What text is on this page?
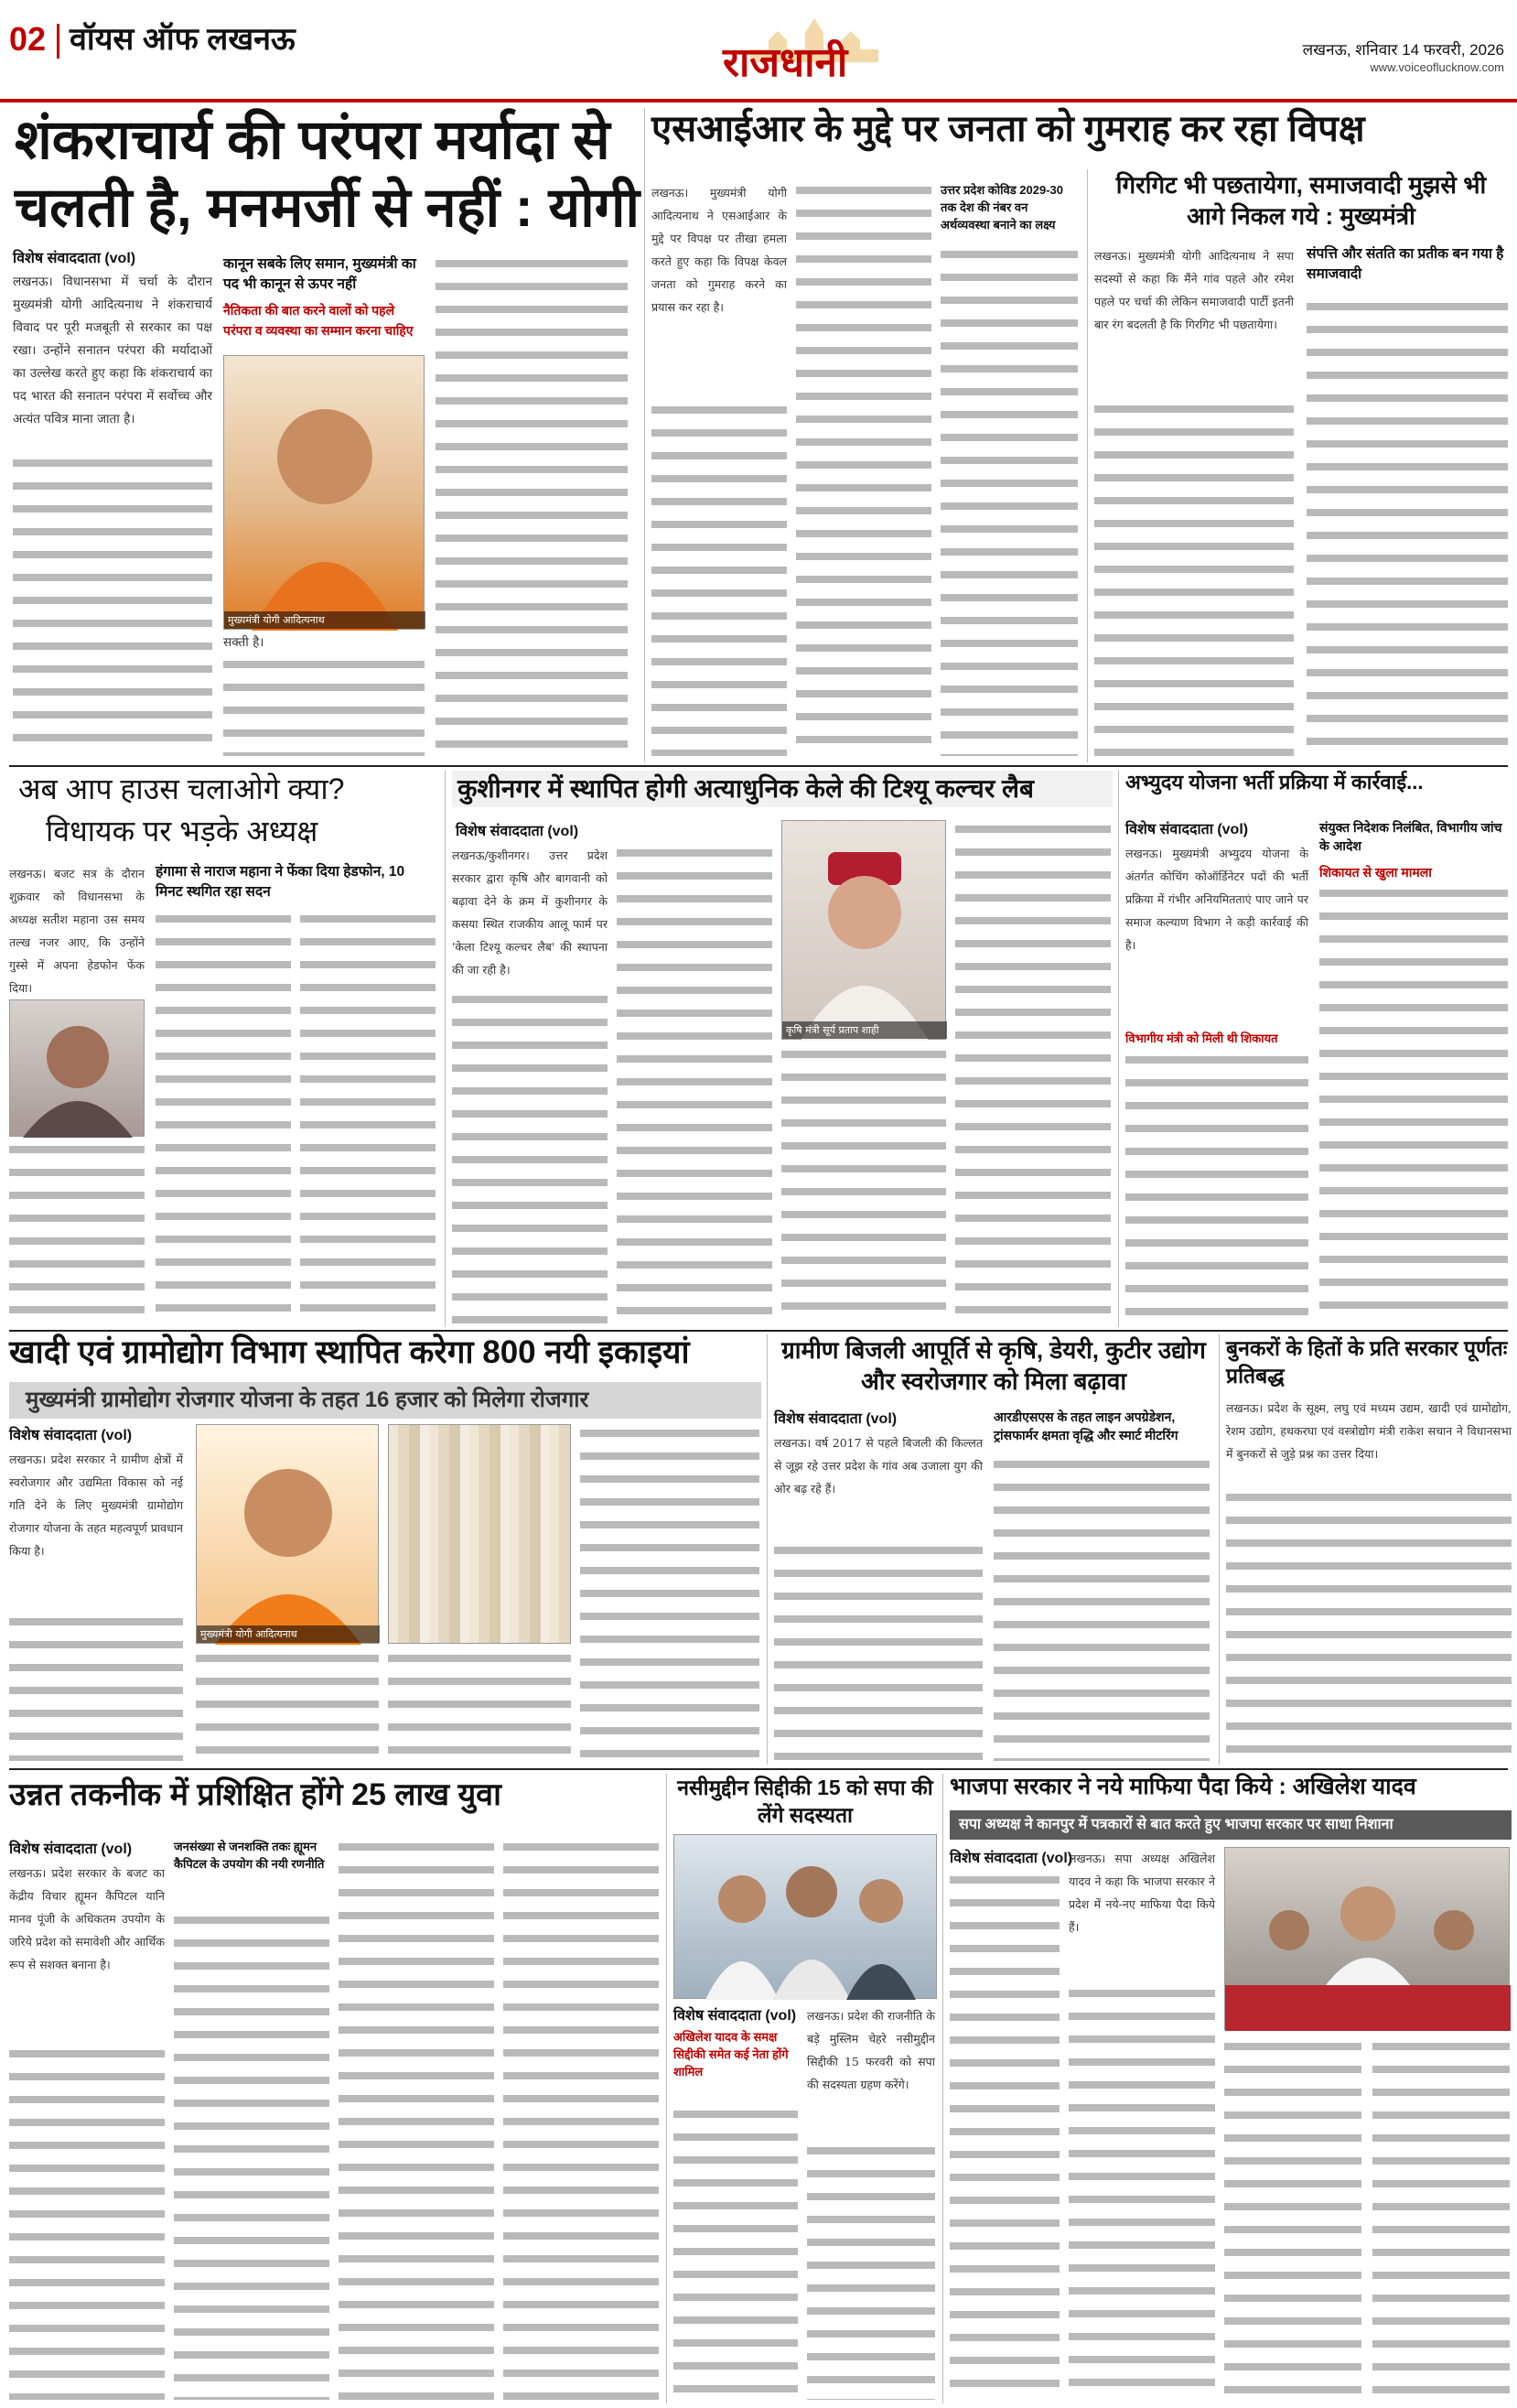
02 वॉयस ऑफ लखनऊ
राजधानी	लखनऊ, शनिवार 14 फरवरी, 2026
www.voiceoflucknow.com
शंकराचार्य की परंपरा मर्यादा से
चलती है, मनमर्जी से नहीं : योगी
विशेष संवाददाता (vol)
लखनऊ। विधानसभा में चर्चा के दौरान मुख्यमंत्री योगी आदित्यनाथ ने शंकराचार्य विवाद पर पूरी मजबूती से सरकार का पक्ष रखा। उन्होंने सनातन परंपरा की मर्यादाओं का उल्लेख करते हुए कहा कि शंकराचार्य का पद भारत की सनातन परंपरा में सर्वोच्च और अत्यंत पवित्र माना जाता है।
कानून सबके लिए समान, मुख्यमंत्री का पद भी कानून से ऊपर नहीं
नैतिकता की बात करने वालों को पहले परंपरा व व्यवस्था का सम्मान करना चाहिए
मुख्यमंत्री योगी आदित्यनाथ
सक्ती है।
एसआईआर के मुद्दे पर जनता को गुमराह कर रहा विपक्ष
लखनऊ। मुख्यमंत्री योगी आदित्यनाथ ने एसआईआर के मुद्दे पर विपक्ष पर तीखा हमला करते हुए कहा कि विपक्ष केवल जनता को गुमराह करने का प्रयास कर रहा है।
उत्तर प्रदेश कोविड 2029-30 तक देश की नंबर वन अर्थव्यवस्था बनाने का लक्ष्य
गिरगिट भी पछतायेगा, समाजवादी मुझसे भी आगे निकल गये : मुख्यमंत्री
लखनऊ। मुख्यमंत्री योगी आदित्यनाथ ने सपा सदस्यों से कहा कि मैंने गांव पहले और रमेश पहले पर चर्चा की लेकिन समाजवादी पार्टी इतनी बार रंग बदलती है कि गिरगिट भी पछतायेगा।
संपत्ति और संतति का प्रतीक बन गया है समाजवादी
अब आप हाउस चलाओगे क्या?
विधायक पर भड़के अध्यक्ष
लखनऊ। बजट सत्र के दौरान शुक्रवार को विधानसभा के अध्यक्ष सतीश महाना उस समय तल्ख नजर आए, कि उन्होंने गुस्से में अपना हेडफोन फेंक दिया।
हंगामा से नाराज महाना ने फेंका दिया हेडफोन, 10 मिनट स्थगित रहा सदन
कुशीनगर में स्थापित होगी अत्याधुनिक केले की टिश्यू कल्चर लैब
विशेष संवाददाता (vol)
लखनऊ/कुशीनगर। उत्तर प्रदेश सरकार द्वारा कृषि और बागवानी को बढ़ावा देने के क्रम में कुशीनगर के कसया स्थित राजकीय आलू फार्म पर 'केला टिश्यू कल्चर लैब' की स्थापना की जा रही है।
कृषि मंत्री सूर्य प्रताप शाही
अभ्युदय योजना भर्ती प्रक्रिया में कार्रवाई...
विशेष संवाददाता (vol)
लखनऊ। मुख्यमंत्री अभ्युदय योजना के अंतर्गत कोचिंग कोऑर्डिनेटर पदों की भर्ती प्रक्रिया में गंभीर अनियमितताएं पाए जाने पर समाज कल्याण विभाग ने कड़ी कार्रवाई की है।
विभागीय मंत्री को मिली थी शिकायत
संयुक्त निदेशक निलंबित, विभागीय जांच के आदेश
शिकायत से खुला मामला
खादी एवं ग्रामोद्योग विभाग स्थापित करेगा 800 नयी इकाइयां
मुख्यमंत्री ग्रामोद्योग रोजगार योजना के तहत 16 हजार को मिलेगा रोजगार
विशेष संवाददाता (vol)
लखनऊ। प्रदेश सरकार ने ग्रामीण क्षेत्रों में स्वरोजगार और उद्यमिता विकास को नई गति देने के लिए मुख्यमंत्री ग्रामोद्योग रोजगार योजना के तहत महत्वपूर्ण प्रावधान किया है।
मुख्यमंत्री योगी आदित्यनाथ
ग्रामीण बिजली आपूर्ति से कृषि, डेयरी, कुटीर उद्योग और स्वरोजगार को मिला बढ़ावा
विशेष संवाददाता (vol)
लखनऊ। वर्ष 2017 से पहले बिजली की किल्लत से जूझ रहे उत्तर प्रदेश के गांव अब उजाला युग की ओर बढ़ रहे हैं।
आरडीएसएस के तहत लाइन अपग्रेडेशन, ट्रांसफार्मर क्षमता वृद्धि और स्मार्ट मीटरिंग
बुनकरों के हितों के प्रति सरकार पूर्णतः प्रतिबद्ध
लखनऊ। प्रदेश के सूक्ष्म, लघु एवं मध्यम उद्यम, खादी एवं ग्रामोद्योग, रेशम उद्योग, हथकरघा एवं वस्त्रोद्योग मंत्री राकेश सचान ने विधानसभा में बुनकरों से जुड़े प्रश्न का उत्तर दिया।
उन्नत तकनीक में प्रशिक्षित होंगे 25 लाख युवा
विशेष संवाददाता (vol)
लखनऊ। प्रदेश सरकार के बजट का केंद्रीय विचार ह्यूमन कैपिटल यानि मानव पूंजी के अधिकतम उपयोग के जरिये प्रदेश को समावेशी और आर्थिक रूप से सशक्त बनाना है।
जनसंख्या से जनशक्ति तकः ह्यूमन कैपिटल के उपयोग की नयी रणनीति
नसीमुद्दीन सिद्दीकी 15 को सपा की लेंगे सदस्यता
विशेष संवाददाता (vol)
अखिलेश यादव के समक्ष सिद्दीकी समेत कई नेता होंगे शामिल
लखनऊ। प्रदेश की राजनीति के बड़े मुस्लिम चेहरे नसीमुद्दीन सिद्दीकी 15 फरवरी को सपा की सदस्यता ग्रहण करेंगे।
भाजपा सरकार ने नये माफिया पैदा किये : अखिलेश यादव
सपा अध्यक्ष ने कानपुर में पत्रकारों से बात करते हुए भाजपा सरकार पर साधा निशाना
विशेष संवाददाता (vol)
लखनऊ। सपा अध्यक्ष अखिलेश यादव ने कहा कि भाजपा सरकार ने प्रदेश में नये-नए माफिया पैदा किये हैं।
